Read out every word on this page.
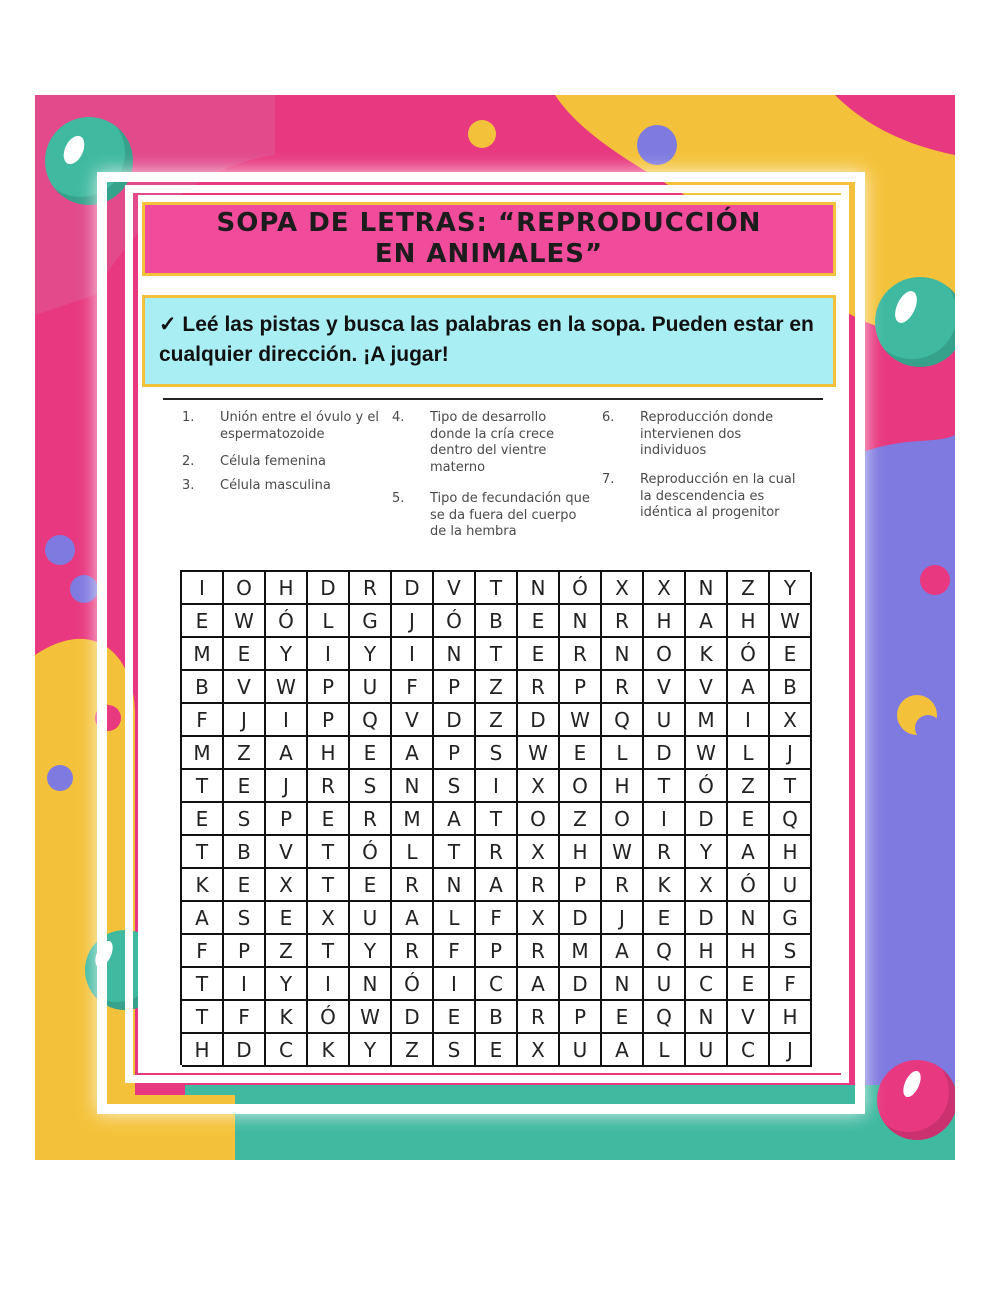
SOPA DE LETRAS: “REPRODUCCIÓN EN ANIMALES”
✓ Leé las pistas y busca las palabras en la sopa. Pueden estar en cualquier dirección. ¡A jugar!
1. Unión entre el óvulo y el espermatozoide
2. Célula femenina
3. Célula masculina
4. Tipo de desarrollo donde la cría crece dentro del vientre materno
5. Tipo de fecundación que se da fuera del cuerpo de la hembra
6. Reproducción donde intervienen dos individuos
7. Reproducción en la cual la descendencia es idéntica al progenitor
I	O	H	D	R	D	V	T	N	Ó	X	X	N	Z	Y
E	W	Ó	L	G	J	Ó	B	E	N	R	H	A	H	W
M	E	Y	I	Y	I	N	T	E	R	N	O	K	Ó	E
B	V	W	P	U	F	P	Z	R	P	R	V	V	A	B
F	J	I	P	Q	V	D	Z	D	W	Q	U	M	I	X
M	Z	A	H	E	A	P	S	W	E	L	D	W	L	J
T	E	J	R	S	N	S	I	X	O	H	T	Ó	Z	T
E	S	P	E	R	M	A	T	O	Z	O	I	D	E	Q
T	B	V	T	Ó	L	T	R	X	H	W	R	Y	A	H
K	E	X	T	E	R	N	A	R	P	R	K	X	Ó	U
A	S	E	X	U	A	L	F	X	D	J	E	D	N	G
F	P	Z	T	Y	R	F	P	R	M	A	Q	H	H	S
T	I	Y	I	N	Ó	I	C	A	D	N	U	C	E	F
T	F	K	Ó	W	D	E	B	R	P	E	Q	N	V	H
H	D	C	K	Y	Z	S	E	X	U	A	L	U	C	J
